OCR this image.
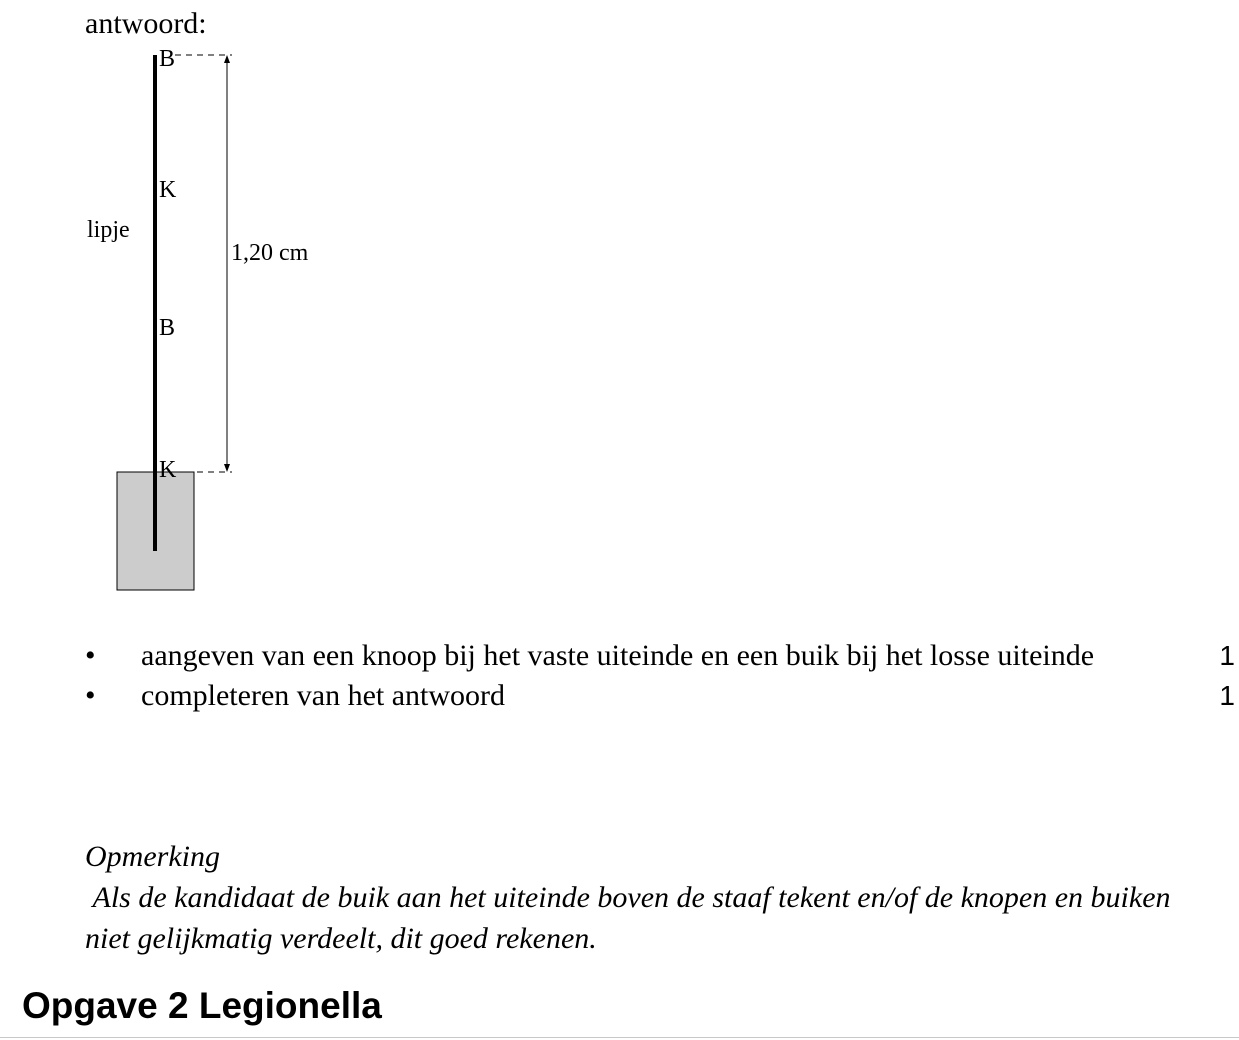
antwoord:
B
K
lipje
1,20 cm
B
K
•	aangeven van een knoop bij het vaste uiteinde en een buik bij het losse uiteinde	1
•	completeren van het antwoord	1

Opmerking

Als de kandidaat de buik aan het uiteinde boven de staaf tekent en/of de knopen en buiken niet gelijkmatig verdeelt, dit goed rekenen.

Opgave 2 Legionella
